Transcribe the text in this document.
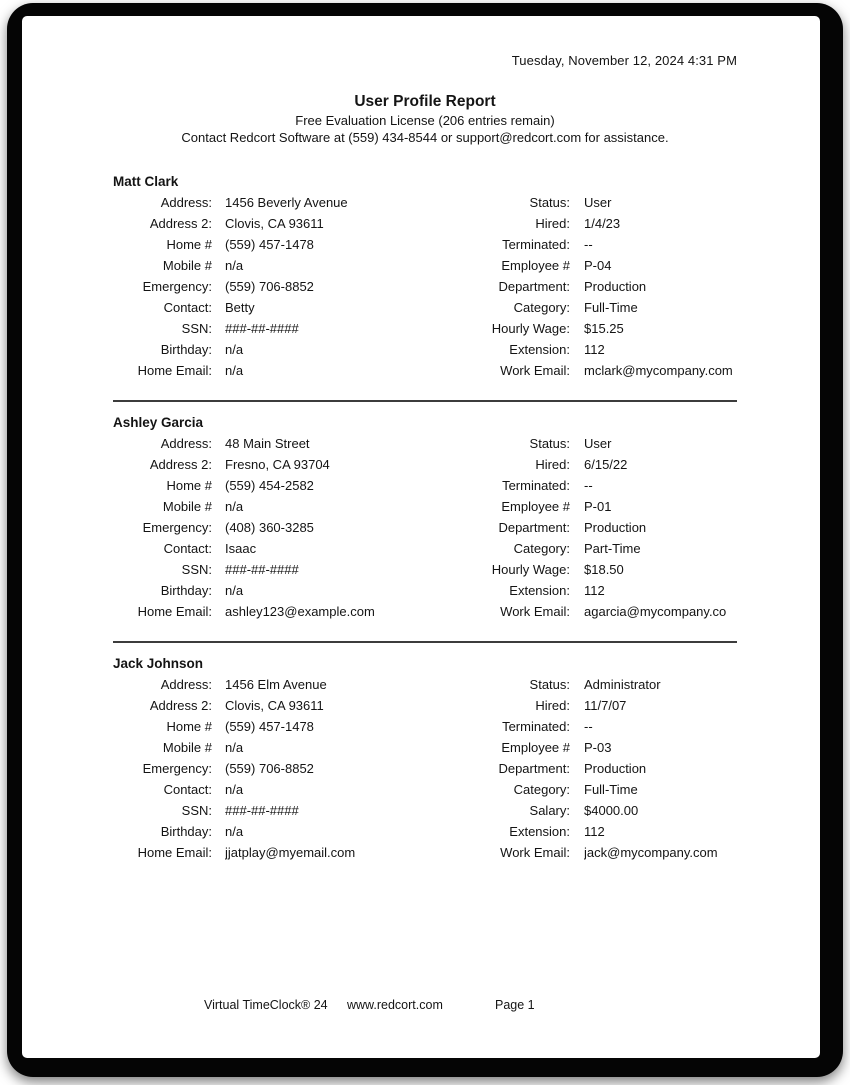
Tuesday, November 12, 2024 4:31 PM
User Profile Report
Free Evaluation License (206 entries remain)
Contact Redcort Software at (559) 434-8544 or support@redcort.com for assistance.
Matt Clark
Address:	1456 Beverly Avenue	Status:	User
Address 2:	Clovis, CA 93611	Hired:	1/4/23
Home #	(559) 457-1478	Terminated:	--
Mobile #	n/a	Employee #	P-04
Emergency:	(559) 706-8852	Department:	Production
Contact:	Betty	Category:	Full-Time
SSN:	###-##-####	Hourly Wage:	$15.25
Birthday:	n/a	Extension:	112
Home Email:	n/a	Work Email:	mclark@mycompany.com
Ashley Garcia
Address:	48 Main Street	Status:	User
Address 2:	Fresno, CA 93704	Hired:	6/15/22
Home #	(559) 454-2582	Terminated:	--
Mobile #	n/a	Employee #	P-01
Emergency:	(408) 360-3285	Department:	Production
Contact:	Isaac	Category:	Part-Time
SSN:	###-##-####	Hourly Wage:	$18.50
Birthday:	n/a	Extension:	112
Home Email:	ashley123@example.com	Work Email:	agarcia@mycompany.co
Jack Johnson
Address:	1456 Elm Avenue	Status:	Administrator
Address 2:	Clovis, CA 93611	Hired:	11/7/07
Home #	(559) 457-1478	Terminated:	--
Mobile #	n/a	Employee #	P-03
Emergency:	(559) 706-8852	Department:	Production
Contact:	n/a	Category:	Full-Time
SSN:	###-##-####	Salary:	$4000.00
Birthday:	n/a	Extension:	112
Home Email:	jjatplay@myemail.com	Work Email:	jack@mycompany.com
Virtual TimeClock® 24 www.redcort.com	Page 1
